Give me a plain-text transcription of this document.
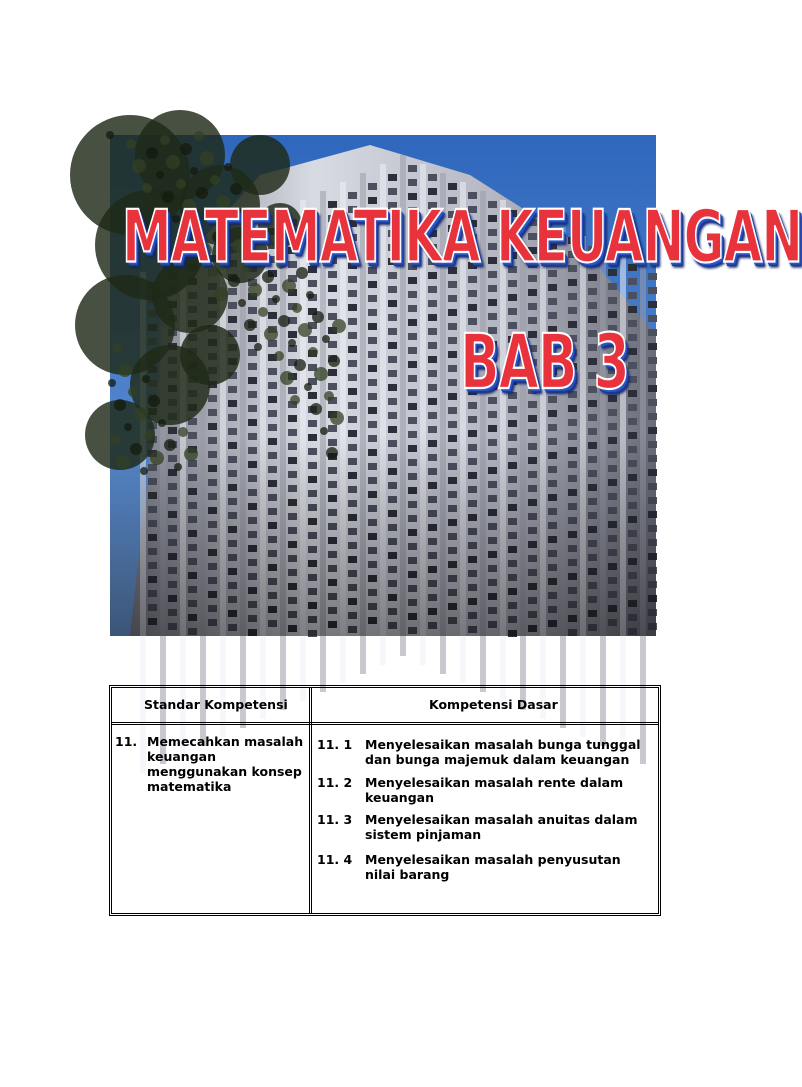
MATEMATIKA KEUANGAN
BAB 3
Standar Kompetensi	Kompetensi Dasar
11. Memecahkan masalah keuangan menggunakan konsep matematika
11. 1 Menyelesaikan masalah bunga tunggal dan bunga majemuk dalam keuangan
11. 2 Menyelesaikan masalah rente dalam keuangan
11. 3 Menyelesaikan masalah anuitas dalam sistem pinjaman
11. 4 Menyelesaikan masalah penyusutan nilai barang
